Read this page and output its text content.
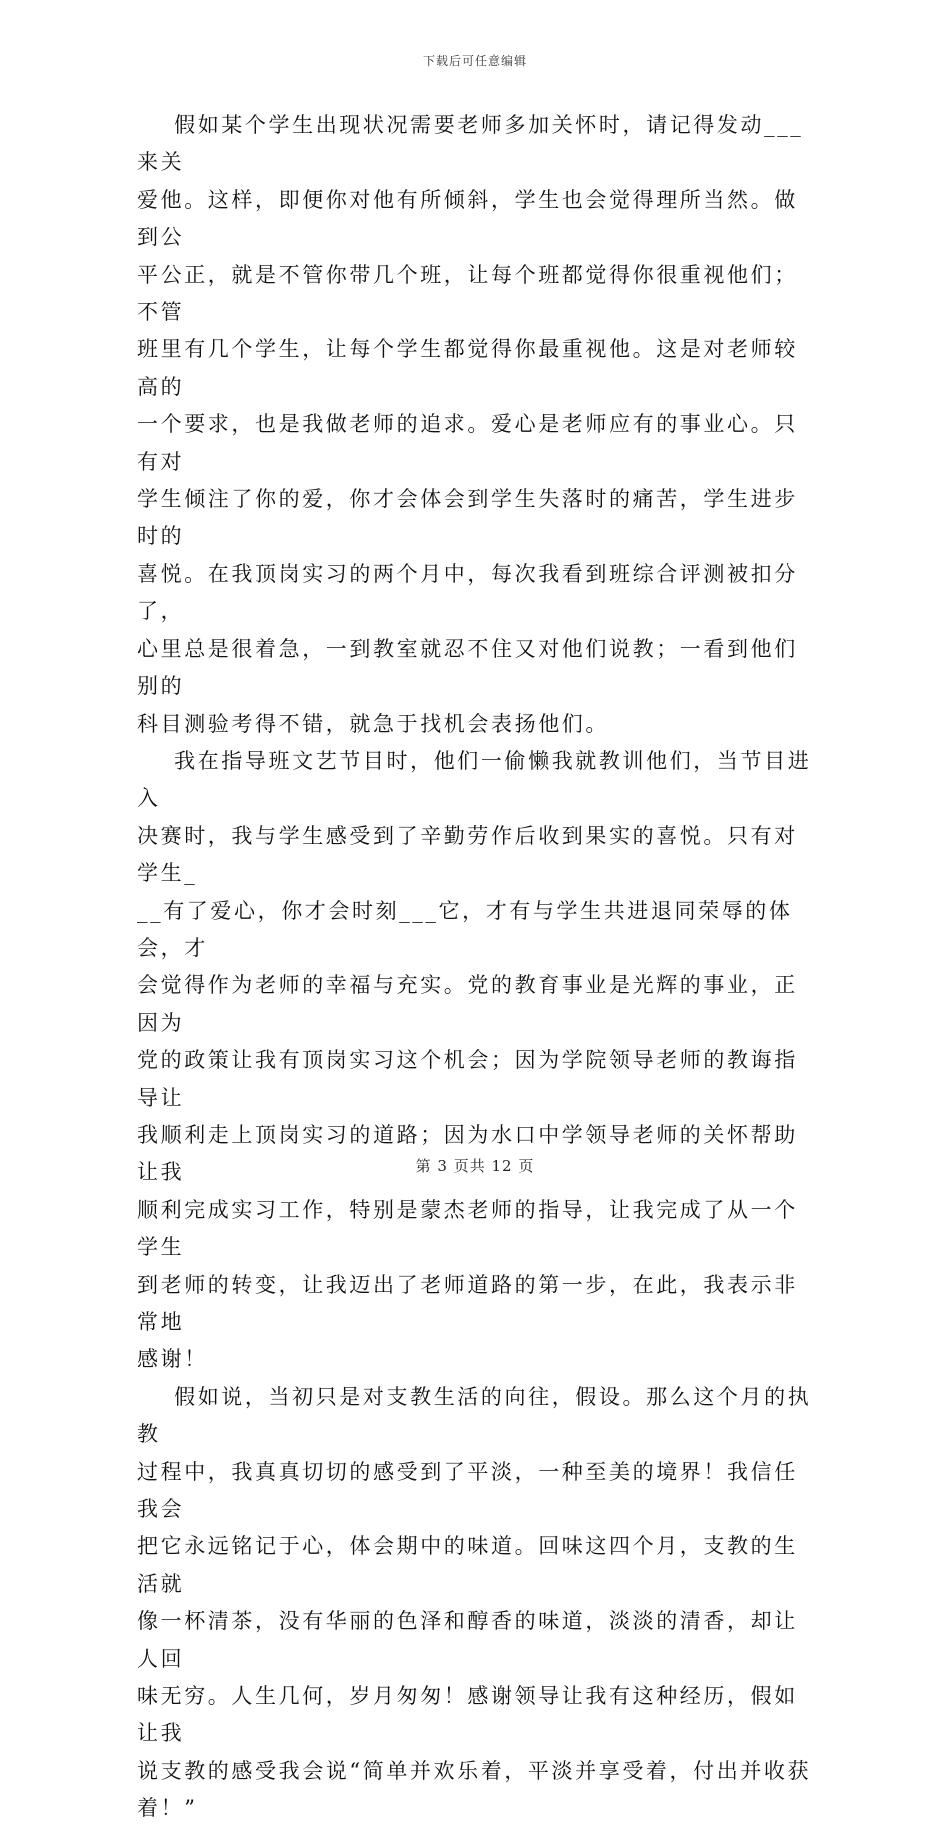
下载后可任意编辑

假如某个学生出现状况需要老师多加关怀时，请记得发动___来关
爱他。这样，即便你对他有所倾斜，学生也会觉得理所当然。做到公
平公正，就是不管你带几个班，让每个班都觉得你很重视他们；不管
班里有几个学生，让每个学生都觉得你最重视他。这是对老师较高的
一个要求，也是我做老师的追求。爱心是老师应有的事业心。只有对
学生倾注了你的爱，你才会体会到学生失落时的痛苦，学生进步时的
喜悦。在我顶岗实习的两个月中，每次我看到班综合评测被扣分了，
心里总是很着急，一到教室就忍不住又对他们说教；一看到他们别的
科目测验考得不错，就急于找机会表扬他们。

我在指导班文艺节目时，他们一偷懒我就教训他们，当节目进入
决赛时，我与学生感受到了辛勤劳作后收到果实的喜悦。只有对学生_
__有了爱心，你才会时刻___它，才有与学生共进退同荣辱的体会，才
会觉得作为老师的幸福与充实。党的教育事业是光辉的事业，正因为
党的政策让我有顶岗实习这个机会；因为学院领导老师的教诲指导让
我顺利走上顶岗实习的道路；因为水口中学领导老师的关怀帮助让我
顺利完成实习工作，特别是蒙杰老师的指导，让我完成了从一个学生
到老师的转变，让我迈出了老师道路的第一步，在此，我表示非常地
感谢！

假如说，当初只是对支教生活的向往，假设。那么这个月的执教
过程中，我真真切切的感受到了平淡，一种至美的境界！我信任我会
把它永远铭记于心，体会期中的味道。回味这四个月，支教的生活就
像一杯清茶，没有华丽的色泽和醇香的味道，淡淡的清香，却让人回
味无穷。人生几何，岁月匆匆！感谢领导让我有这种经历，假如让我
说支教的感受我会说“简单并欢乐着，平淡并享受着，付出并收获
着！”

第 3 页共 12 页
